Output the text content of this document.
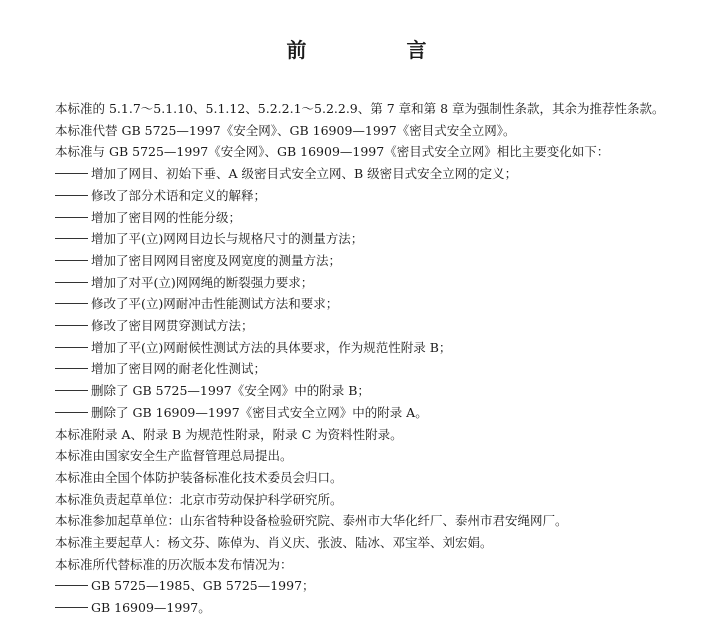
前　言

本标准的 5.1.7～5.1.10、5.1.12、5.2.2.1～5.2.2.9、第 7 章和第 8 章为强制性条款，其余为推荐性条款。

本标准代替 GB 5725—1997《安全网》、GB 16909—1997《密目式安全立网》。

本标准与 GB 5725—1997《安全网》、GB 16909—1997《密目式安全立网》相比主要变化如下：

增加了网目、初始下垂、A 级密目式安全立网、B 级密目式安全立网的定义；

修改了部分术语和定义的解释；

增加了密目网的性能分级；

增加了平(立)网网目边长与规格尺寸的测量方法；

增加了密目网网目密度及网宽度的测量方法；

增加了对平(立)网网绳的断裂强力要求；

修改了平(立)网耐冲击性能测试方法和要求；

修改了密目网贯穿测试方法；

增加了平(立)网耐候性测试方法的具体要求，作为规范性附录 B；

增加了密目网的耐老化性测试；

删除了 GB 5725—1997《安全网》中的附录 B；

删除了 GB 16909—1997《密目式安全立网》中的附录 A。

本标准附录 A、附录 B 为规范性附录，附录 C 为资料性附录。

本标准由国家安全生产监督管理总局提出。

本标准由全国个体防护装备标准化技术委员会归口。

本标准负责起草单位：北京市劳动保护科学研究所。

本标准参加起草单位：山东省特种设备检验研究院、泰州市大华化纤厂、泰州市君安绳网厂。

本标准主要起草人：杨文芬、陈倬为、肖义庆、张波、陆冰、邓宝举、刘宏娟。

本标准所代替标准的历次版本发布情况为：

GB 5725—1985、GB 5725—1997；

GB 16909—1997。
